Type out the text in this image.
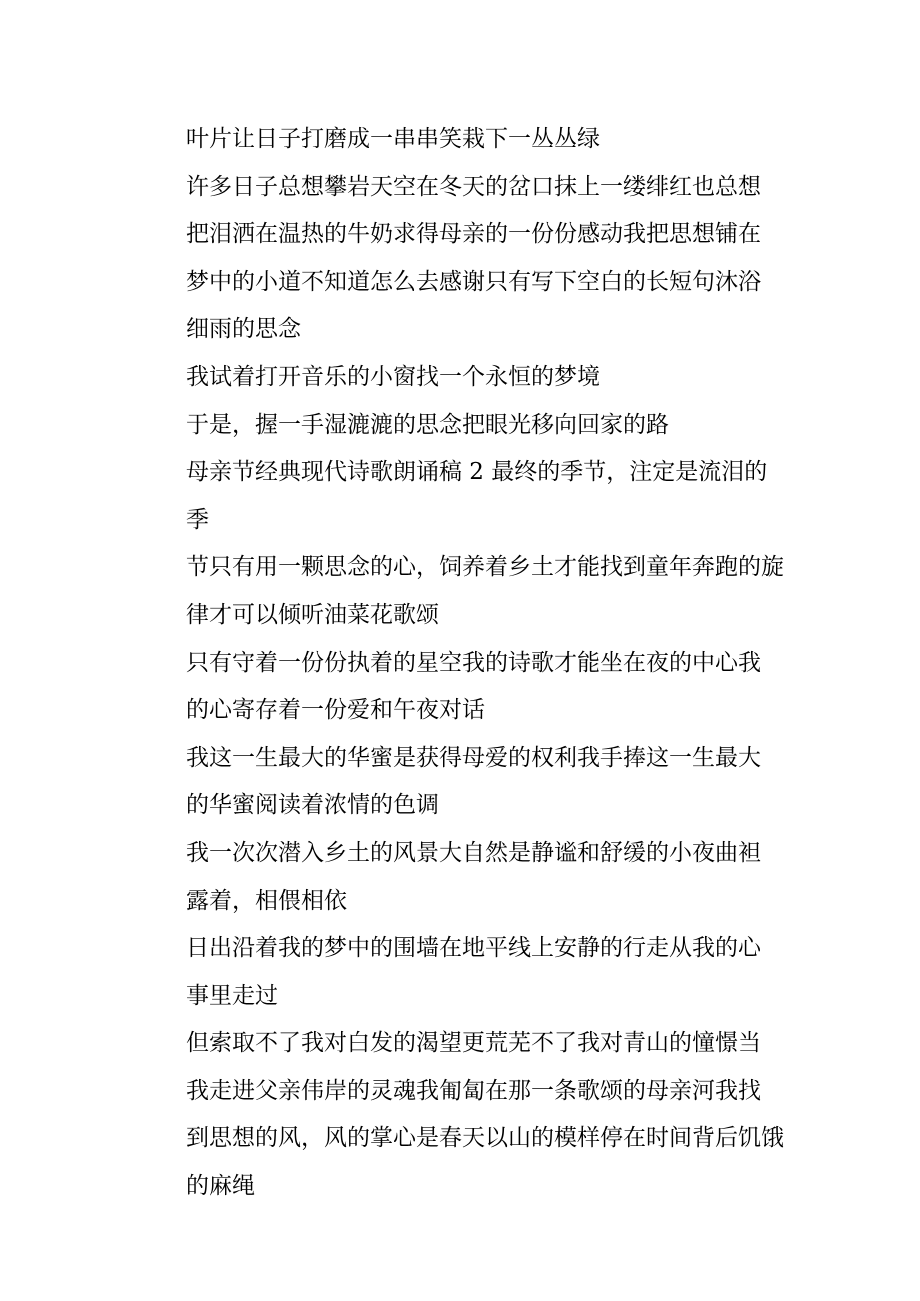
叶片让日子打磨成一串串笑栽下一丛丛绿

许多日子总想攀岩天空在冬天的岔口抹上一缕绯红也总想
把泪洒在温热的牛奶求得母亲的一份份感动我把思想铺在
梦中的小道不知道怎么去感谢只有写下空白的长短句沐浴
细雨的思念

我试着打开音乐的小窗找一个永恒的梦境

于是，握一手湿漉漉的思念把眼光移向回家的路

母亲节经典现代诗歌朗诵稿 2 最终的季节，注定是流泪的季
节只有用一颗思念的心，饲养着乡土才能找到童年奔跑的旋
律才可以倾听油菜花歌颂

只有守着一份份执着的星空我的诗歌才能坐在夜的中心我
的心寄存着一份爱和午夜对话

我这一生最大的华蜜是获得母爱的权利我手捧这一生最大
的华蜜阅读着浓情的色调

我一次次潜入乡土的风景大自然是静谧和舒缓的小夜曲袒
露着，相偎相依

日出沿着我的梦中的围墙在地平线上安静的行走从我的心
事里走过

但索取不了我对白发的渴望更荒芜不了我对青山的憧憬当
我走进父亲伟岸的灵魂我匍匐在那一条歌颂的母亲河我找
到思想的风，风的掌心是春天以山的模样停在时间背后饥饿
的麻绳
